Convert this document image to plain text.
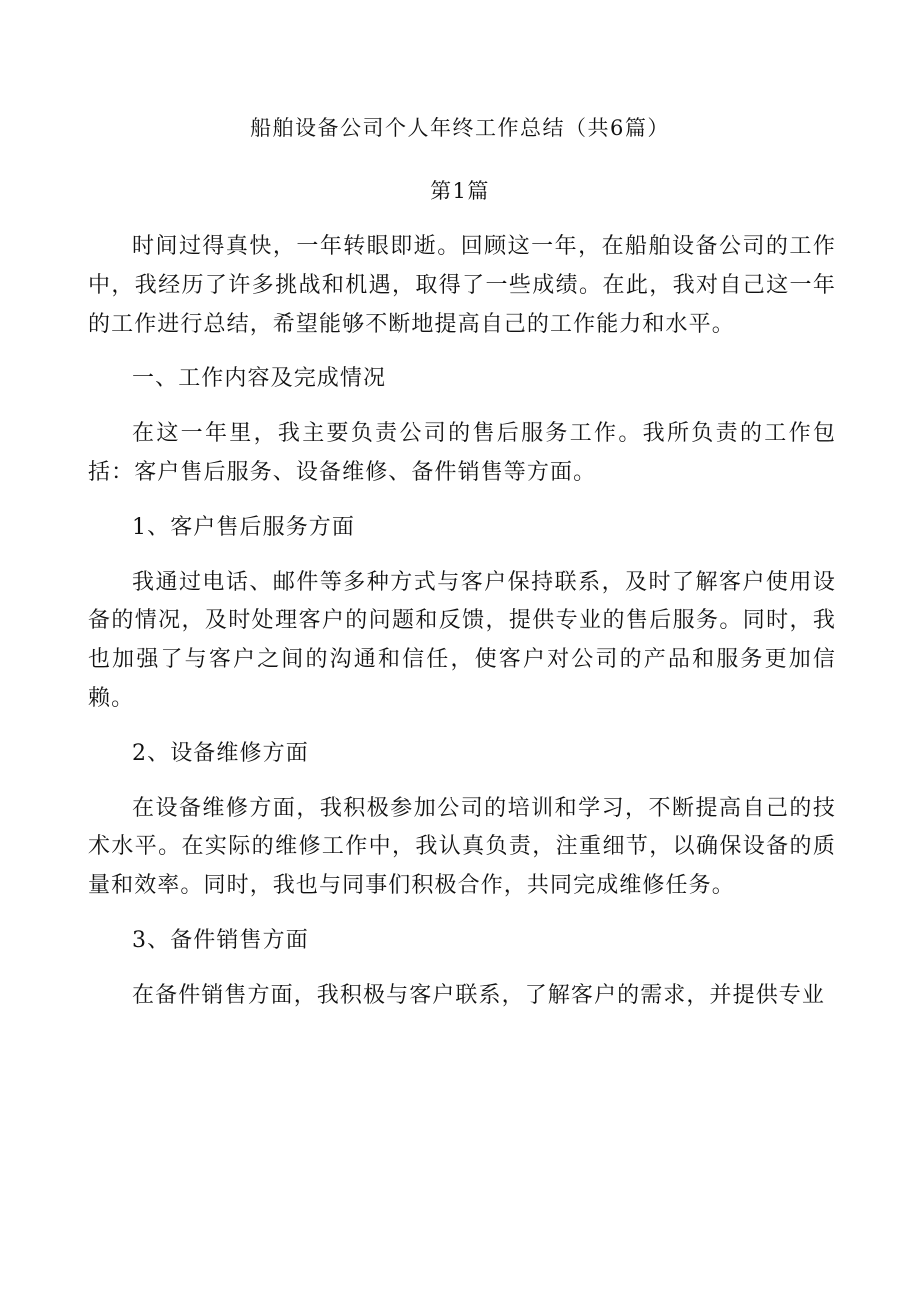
船舶设备公司个人年终工作总结（共6篇）
第1篇

时间过得真快，一年转眼即逝。回顾这一年，在船舶设备公司的工作中，我经历了许多挑战和机遇，取得了一些成绩。在此，我对自己这一年的工作进行总结，希望能够不断地提高自己的工作能力和水平。

一、工作内容及完成情况

在这一年里，我主要负责公司的售后服务工作。我所负责的工作包括：客户售后服务、设备维修、备件销售等方面。

1、客户售后服务方面

我通过电话、邮件等多种方式与客户保持联系，及时了解客户使用设备的情况，及时处理客户的问题和反馈，提供专业的售后服务。同时，我也加强了与客户之间的沟通和信任，使客户对公司的产品和服务更加信赖。

2、设备维修方面

在设备维修方面，我积极参加公司的培训和学习，不断提高自己的技术水平。在实际的维修工作中，我认真负责，注重细节，以确保设备的质量和效率。同时，我也与同事们积极合作，共同完成维修任务。

3、备件销售方面

在备件销售方面，我积极与客户联系，了解客户的需求，并提供专业
